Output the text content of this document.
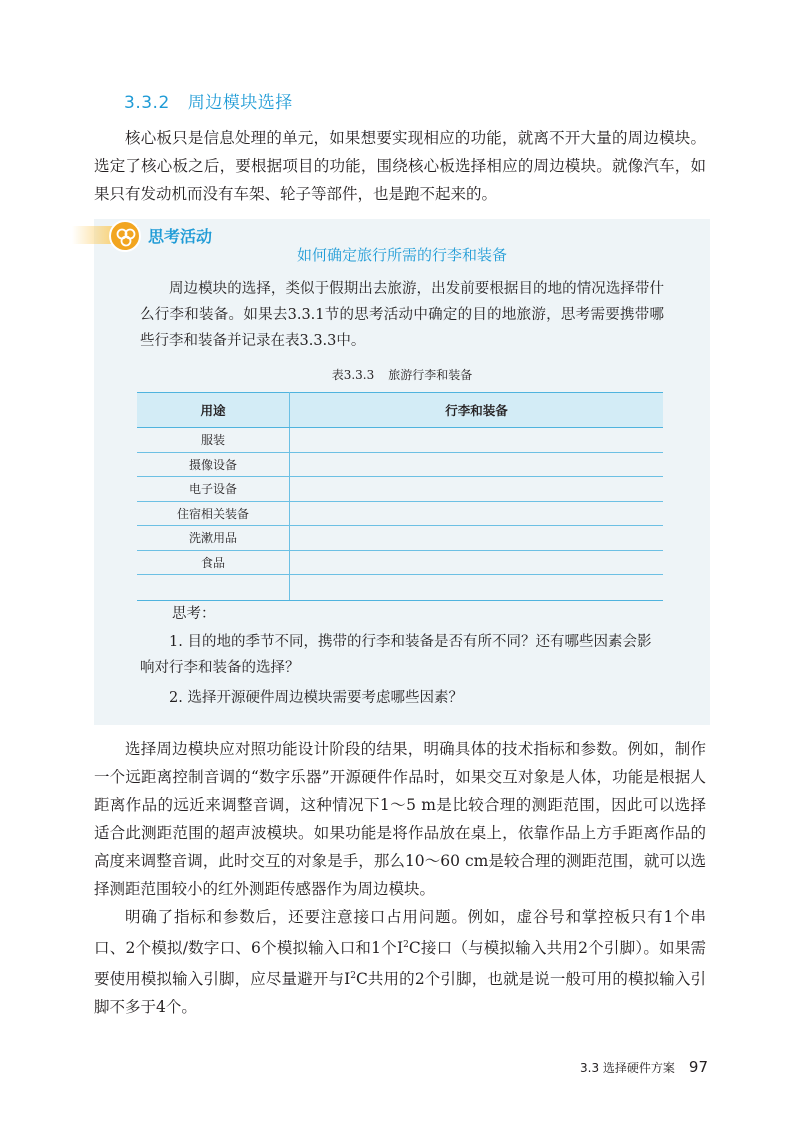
3.3.2 周边模块选择

核心板只是信息处理的单元，如果想要实现相应的功能，就离不开大量的周边模块。选定了核心板之后，要根据项目的功能，围绕核心板选择相应的周边模块。就像汽车，如果只有发动机而没有车架、轮子等部件，也是跑不起来的。

思考活动
如何确定旅行所需的行李和装备

周边模块的选择，类似于假期出去旅游，出发前要根据目的地的情况选择带什么行李和装备。如果去3.3.1节的思考活动中确定的目的地旅游，思考需要携带哪些行李和装备并记录在表3.3.3中。

表3.3.3 旅游行李和装备
用途	行李和装备
服装	
摄像设备	
电子设备	
住宿相关装备	
洗漱用品	
食品	

思考：

1. 目的地的季节不同，携带的行李和装备是否有所不同？还有哪些因素会影响对行李和装备的选择？

2. 选择开源硬件周边模块需要考虑哪些因素？

选择周边模块应对照功能设计阶段的结果，明确具体的技术指标和参数。例如，制作一个远距离控制音调的“数字乐器”开源硬件作品时，如果交互对象是人体，功能是根据人距离作品的远近来调整音调，这种情况下1～5 m是比较合理的测距范围，因此可以选择适合此测距范围的超声波模块。如果功能是将作品放在桌上，依靠作品上方手距离作品的高度来调整音调，此时交互的对象是手，那么10～60 cm是较合理的测距范围，就可以选择测距范围较小的红外测距传感器作为周边模块。

明确了指标和参数后，还要注意接口占用问题。例如，虚谷号和掌控板只有1个串口、2个模拟/数字口、6个模拟输入口和1个$I^2C$接口（与模拟输入共用2个引脚）。如果需要使用模拟输入引脚，应尽量避开与$I^2C$共用的2个引脚，也就是说一般可用的模拟输入引脚不多于4个。

3.3 选择硬件方案 97
